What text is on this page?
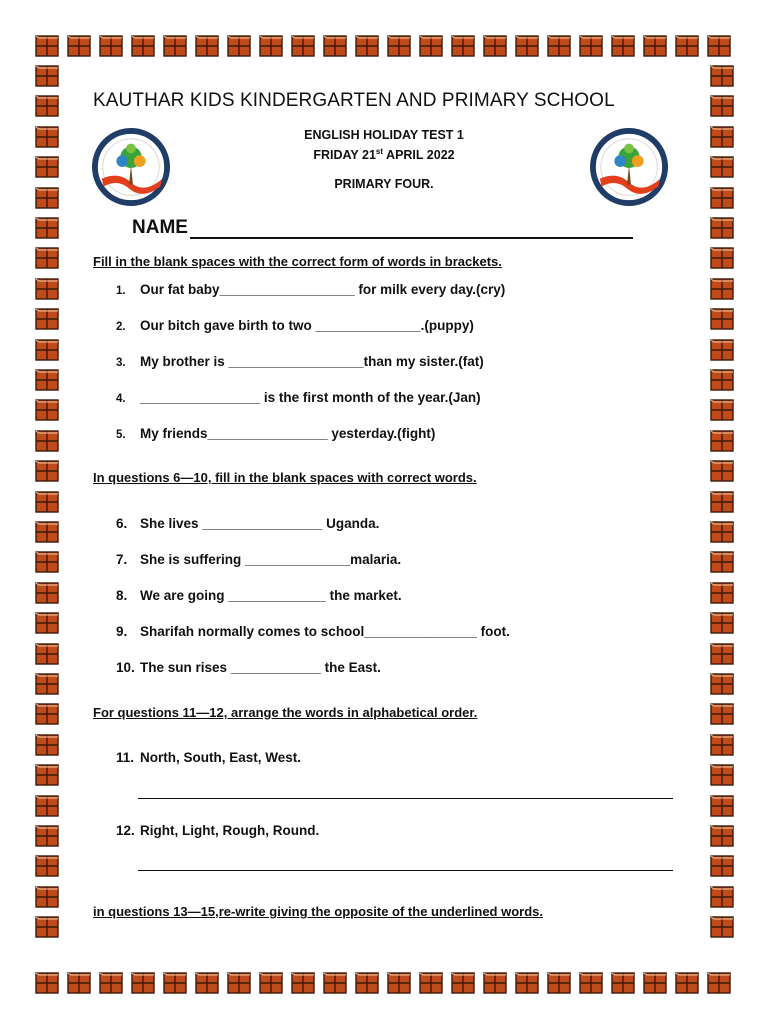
KAUTHAR KIDS KINDERGARTEN AND PRIMARY SCHOOL
ENGLISH HOLIDAY TEST 1
FRIDAY 21st APRIL 2022
PRIMARY FOUR.
NAME
Fill in the blank spaces with the correct form of words in brackets.
1. Our fat baby__________________ for milk every day.(cry)
2. Our bitch gave birth to two ______________.(puppy)
3. My brother is __________________than my sister.(fat)
4. ________________ is the first month of the year.(Jan)
5. My friends________________ yesterday.(fight)
In questions 6—10, fill in the blank spaces with correct words.
6. She lives ________________ Uganda.
7. She is suffering ______________malaria.
8. We are going _____________ the market.
9. Sharifah normally comes to school_______________ foot.
10. The sun rises ____________ the East.
For questions 11—12, arrange the words in alphabetical order.
11. North, South, East, West.
12. Right, Light, Rough, Round.
in questions 13—15,re-write giving the opposite of the underlined words.
